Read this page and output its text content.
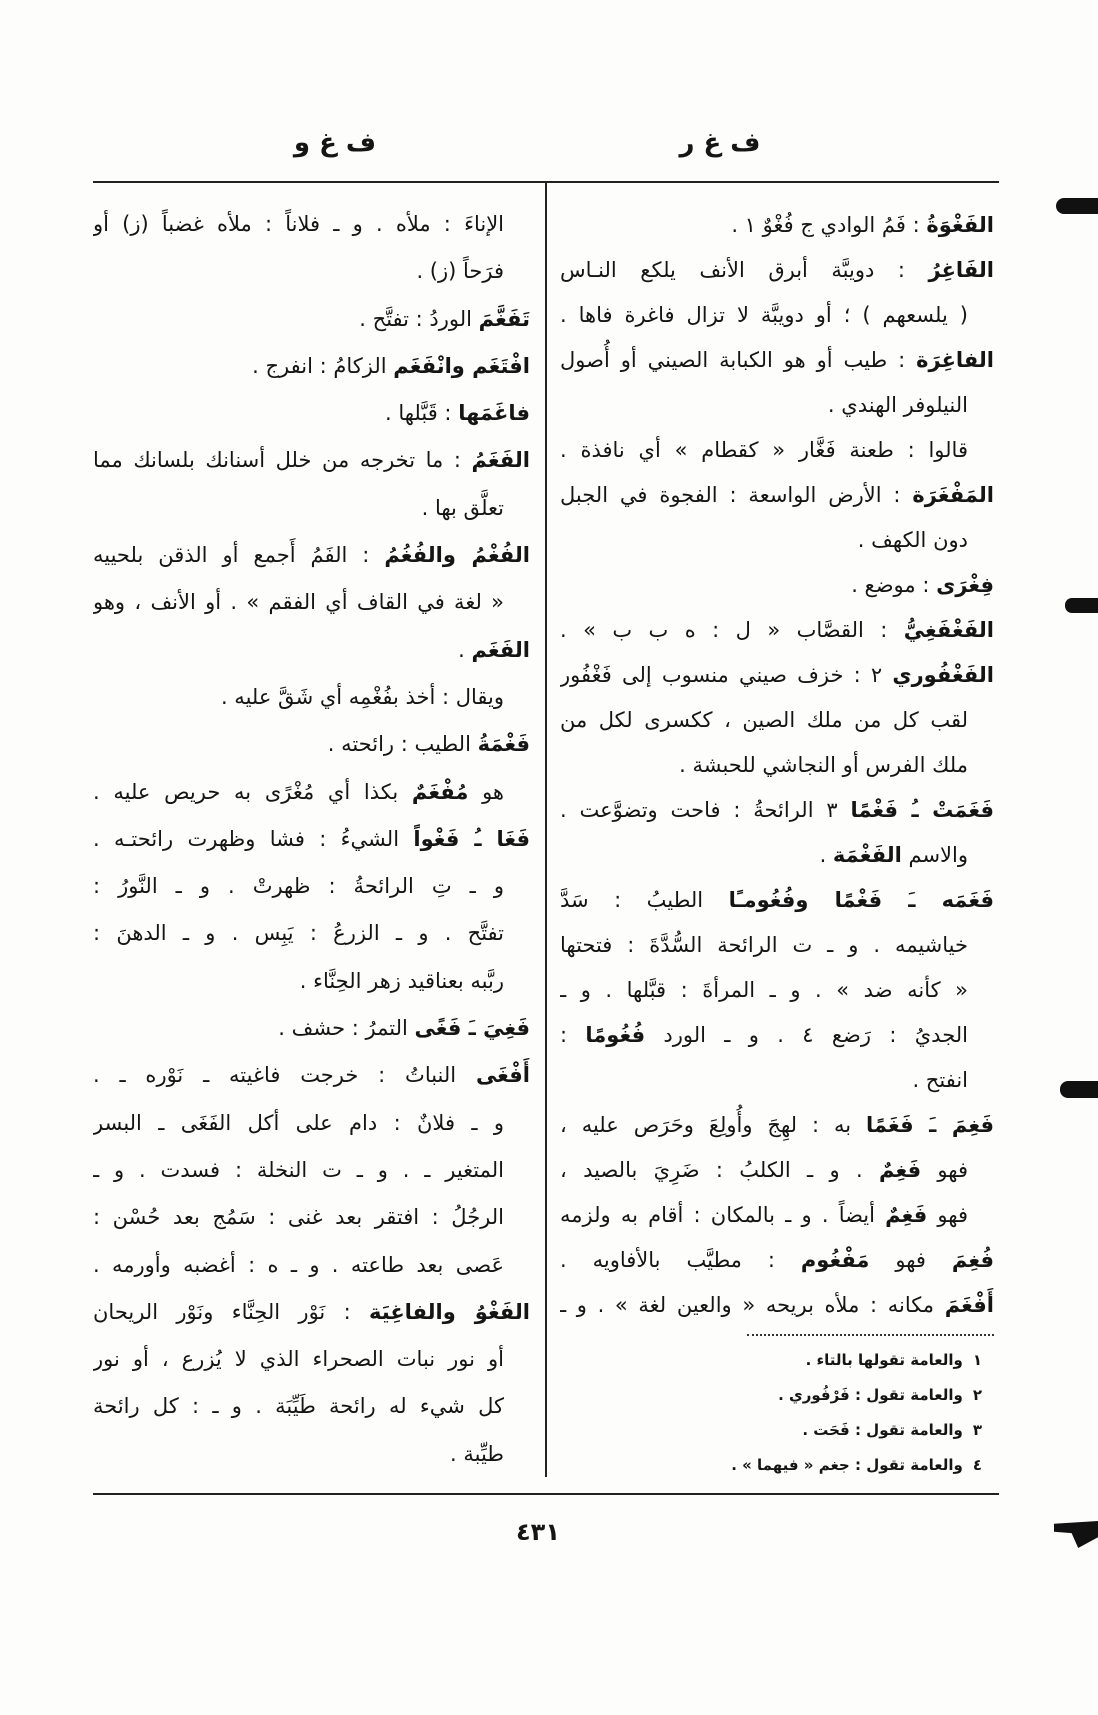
ف غ ر
ف غ و
الفَغْوَةُ : فَمُ الوادي ج فُغْوٌ ١ .
الفَاغِرُ : دويبَّة أبرق الأنف يلكع النـاس
( يلسعهم ) ؛ أو دويبَّة لا تزال فاغرة فاها .
الفاغِرَة : طيب أو هو الكبابة الصيني أو أُصول
النيلوفر الهندي .
قالوا : طعنة فَغَّار « كقطام » أي نافذة .
المَفْغَرَة : الأرض الواسعة : الفجوة في الجبل
دون الكهف .
فِغْرَى : موضع .
الفَغْفَغِيُّ : القصَّاب « ل : ه ب ب » .
الفَغْفُوري ٢ : خزف صيني منسوب إلى فَغْفُور
لقب كل من ملك الصين ، ككسرى لكل من
ملك الفرس أو النجاشي للحبشة .
فَغَمَتْ ـُ فَغْمًا ٣ الرائحةُ : فاحت وتضوَّعت .
والاسم الفَغْمَة .
فَغَمَه ـَ فَغْمًا وفُغُومـًا الطيبُ : سَدَّ
خياشيمه . و ـ ت الرائحة السُّدَّةَ : فتحتها
« كأنه ضد » . و ـ المرأةَ : قبَّلها . و ـ
الجديُ : رَضع ٤ . و ـ الورد فُغُومًا :
انفتح .
فَغِمَ ـَ فَغَمًا به : لهِجَ وأُولِعَ وحَرَص عليه ،
فهو فَغِمٌ . و ـ الكلبُ : ضَرِيَ بالصيد ،
فهو فَغِمٌ أيضاً . و ـ بالمكان : أقام به ولزمه
فُغِمَ فهو مَفْغُوم : مطيَّب بالأفاويه .
أَفْغَمَ مكانه : ملأه بريحه « والعين لغة » . و ـ
الإناءَ : ملأه . و ـ فلاناً : ملأه غضباً (ز) أو
فرَحاً (ز) .
تَفَغَّمَ الوردُ : تفتَّح .
افْتَغَم وانْفَغَم الزكامُ : انفرج .
فاغَمَها : قَبَّلها .
الفَغَمُ : ما تخرجه من خلل أسنانك بلسانك مما
تعلَّق بها .
الفُغْمُ والفُغُمُ : الفَمُ أَجمع أو الذقن بلحييه
« لغة في القاف أي الفقم » . أو الأنف ، وهو
الفَغَم .
ويقال : أخذ بفُغْمِه أي شَقَّ عليه .
فَغْمَةُ الطيب : رائحته .
هو مُفْغَمٌ بكذا أي مُغْرًى به حريص عليه .
فَغَا ـُ فَغْواً الشيءُ : فشا وظهرت رائحتـه .
و ـ تِ الرائحةُ : ظهرتْ . و ـ النَّورُ :
تفتَّح . و ـ الزرعُ : يَبِس . و ـ الدهنَ :
ربَّبه بعناقيد زهر الحِنَّاء .
فَغِيَ ـَ فَغًى التمرُ : حشف .
أَفْغَى النباتُ : خرجت فاغيته ـ نَوْره ـ .
و ـ فلانٌ : دام على أكل الفَغَى ـ البسر
المتغير ـ . و ـ ت النخلة : فسدت . و ـ
الرجُلُ : افتقر بعد غنى : سَمُج بعد حُسْن :
عَصى بعد طاعته . و ـ ه : أغضبه وأورمه .
الفَغْوُ والفاغِيَة : نَوْر الحِنَّاء ونَوْر الريحان
أو نور نبات الصحراء الذي لا يُزرع ، أو نور
كل شيء له رائحة طَيِّبَة . و ـ : كل رائحة
طيِّبة .
١والعامة تقولها بالتاء .
٢والعامة تقول : فَرْفُوري .
٣والعامة تقول : فَحَت .
٤والعامة تقول : جغم « فيهما » .
٤٣١
